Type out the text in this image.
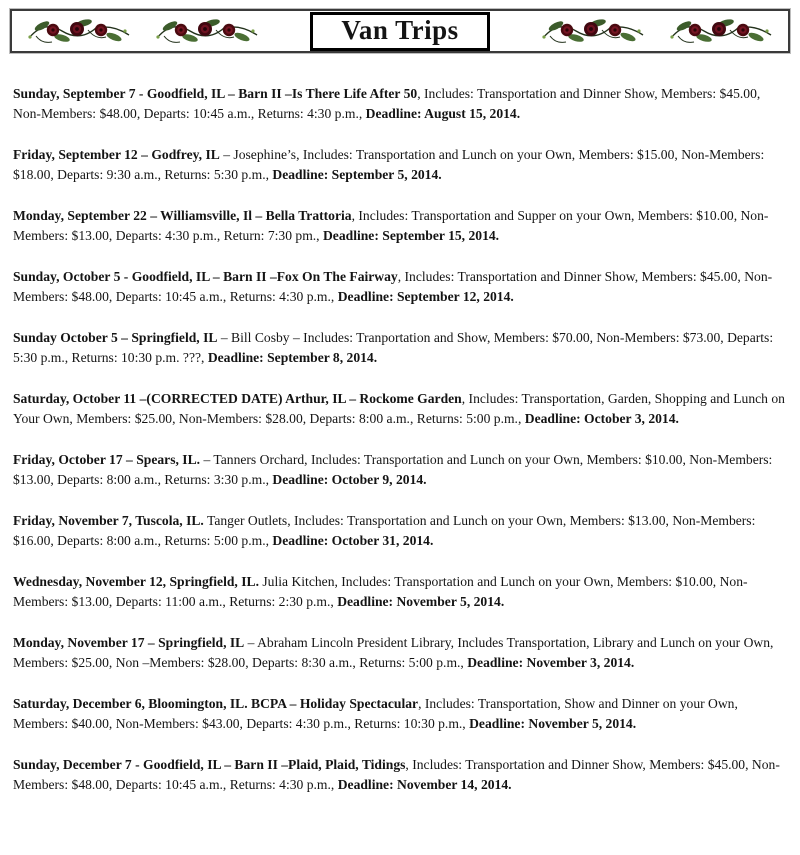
Van Trips

Sunday, September 7 - Goodfield, IL – Barn II –Is There Life After 50, Includes: Transportation and Dinner Show, Members: $45.00, Non-Members: $48.00, Departs: 10:45 a.m., Returns: 4:30 p.m., Deadline: August 15, 2014.

Friday, September 12 – Godfrey, IL – Josephine’s, Includes: Transportation and Lunch on your Own, Members: $15.00, Non-Members: $18.00, Departs: 9:30 a.m., Returns: 5:30 p.m., Deadline: September 5, 2014.

Monday, September 22 – Williamsville, Il – Bella Trattoria, Includes: Transportation and Supper on your Own, Members: $10.00, Non-Members: $13.00, Departs: 4:30 p.m., Return: 7:30 pm., Deadline: September 15, 2014.

Sunday, October 5 - Goodfield, IL – Barn II –Fox On The Fairway, Includes: Transportation and Dinner Show, Members: $45.00, Non-Members: $48.00, Departs: 10:45 a.m., Returns: 4:30 p.m., Deadline: September 12, 2014.

Sunday October 5 – Springfield, IL – Bill Cosby – Includes: Tranportation and Show, Members: $70.00, Non-Members: $73.00, Departs: 5:30 p.m., Returns: 10:30 p.m. ???, Deadline: September 8, 2014.

Saturday, October 11 –(CORRECTED DATE) Arthur, IL – Rockome Garden, Includes: Transportation, Garden, Shopping and Lunch on Your Own, Members: $25.00, Non-Members: $28.00, Departs: 8:00 a.m., Returns: 5:00 p.m., Deadline: October 3, 2014.

Friday, October 17 – Spears, IL. – Tanners Orchard, Includes: Transportation and Lunch on your Own, Members: $10.00, Non-Members: $13.00, Departs: 8:00 a.m., Returns: 3:30 p.m., Deadline: October 9, 2014.

Friday, November 7, Tuscola, IL. Tanger Outlets, Includes: Transportation and Lunch on your Own, Members: $13.00, Non-Members: $16.00, Departs: 8:00 a.m., Returns: 5:00 p.m., Deadline: October 31, 2014.

Wednesday, November 12, Springfield, IL. Julia Kitchen, Includes: Transportation and Lunch on your Own, Members: $10.00, Non-Members: $13.00, Departs: 11:00 a.m., Returns: 2:30 p.m., Deadline: November 5, 2014.

Monday, November 17 – Springfield, IL – Abraham Lincoln President Library, Includes Transportation, Library and Lunch on your Own, Members: $25.00, Non –Members: $28.00, Departs: 8:30 a.m., Returns: 5:00 p.m., Deadline: November 3, 2014.

Saturday, December 6, Bloomington, IL. BCPA – Holiday Spectacular, Includes: Transportation, Show and Dinner on your Own, Members: $40.00, Non-Members: $43.00, Departs: 4:30 p.m., Returns: 10:30 p.m., Deadline: November 5, 2014.

Sunday, December 7 - Goodfield, IL – Barn II –Plaid, Plaid, Tidings, Includes: Transportation and Dinner Show, Members: $45.00, Non-Members: $48.00, Departs: 10:45 a.m., Returns: 4:30 p.m., Deadline: November 14, 2014.
